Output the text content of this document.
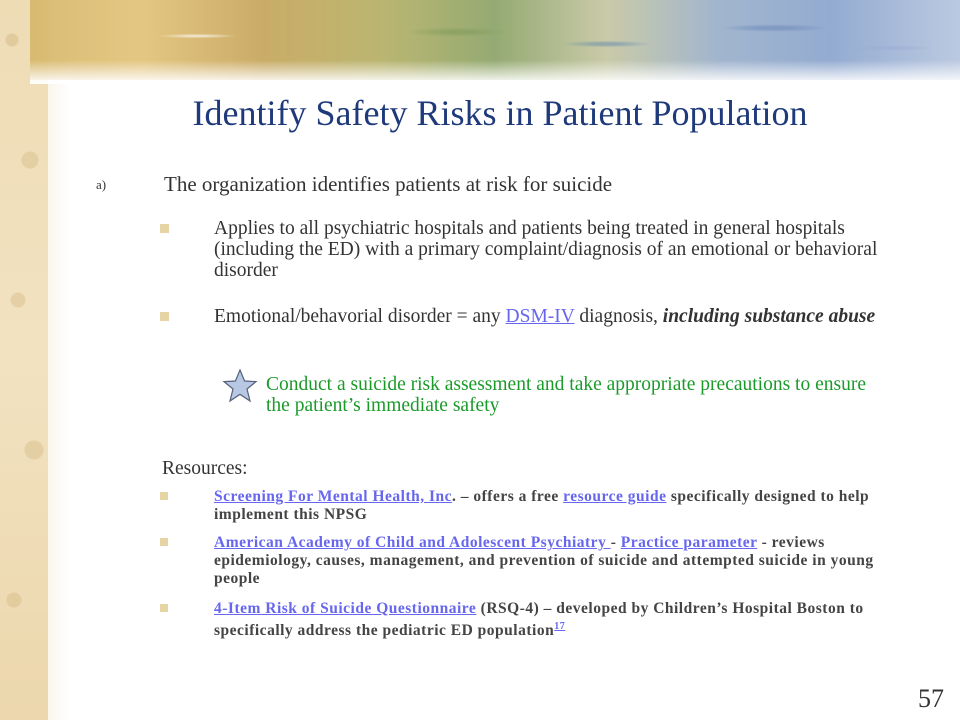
Identify Safety Risks in Patient Population
a)	The organization identifies patients at risk for suicide
Applies to all psychiatric hospitals and patients being treated in general hospitals (including the ED) with a primary complaint/diagnosis of an emotional or behavioral disorder
Emotional/behavorial disorder = any DSM-IV diagnosis, including substance abuse
Conduct a suicide risk assessment and take appropriate precautions to ensure the patient’s immediate safety
Resources:
Screening For Mental Health, Inc. – offers a free resource guide specifically designed to help implement this NPSG
American Academy of Child and Adolescent Psychiatry - Practice parameter - reviews epidemiology, causes, management, and prevention of suicide and attempted suicide in young people
4-Item Risk of Suicide Questionnaire (RSQ-4) – developed by Children’s Hospital Boston to specifically address the pediatric ED population$^{17}$
57
